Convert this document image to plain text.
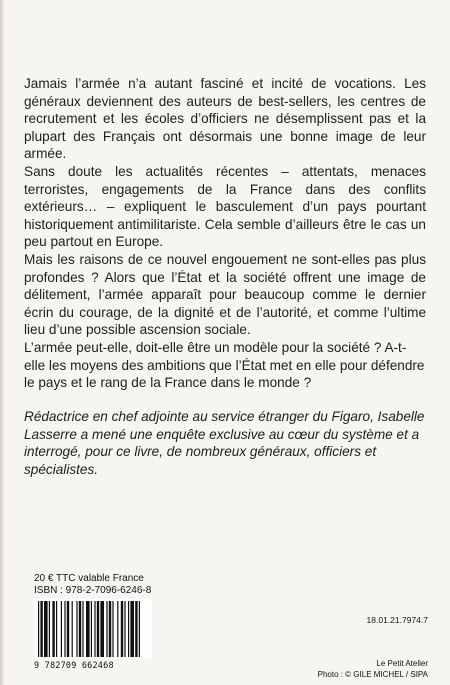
Jamais l’armée n’a autant fasciné et incité de vocations. Les généraux deviennent des auteurs de best-sellers, les centres de recrutement et les écoles d’officiers ne désemplissent pas et la plupart des Français ont désormais une bonne image de leur armée.

Sans doute les actualités récentes – attentats, menaces terroristes, engagements de la France dans des conflits extérieurs… – expliquent le basculement d’un pays pourtant historiquement antimilitariste. Cela semble d’ailleurs être le cas un peu partout en Europe.

Mais les raisons de ce nouvel engouement ne sont-elles pas plus profondes ? Alors que l’État et la société offrent une image de délitement, l’armée apparaît pour beaucoup comme le dernier écrin du courage, de la dignité et de l’autorité, et comme l’ultime lieu d’une possible ascension sociale.

L’armée peut-elle, doit-elle être un modèle pour la société ? A-t-elle les moyens des ambitions que l’État met en elle pour défendre le pays et le rang de la France dans le monde ?

Rédactrice en chef adjointe au service étranger du Figaro, Isabelle Lasserre a mené une enquête exclusive au cœur du système et a interrogé, pour ce livre, de nombreux généraux, officiers et spécialistes.

20 € TTC valable France
ISBN : 978-2-7096-6246-8
9 782709 662468
18.01.21.7974.7
Le Petit Atelier
Photo : © GILE MICHEL / SIPA
